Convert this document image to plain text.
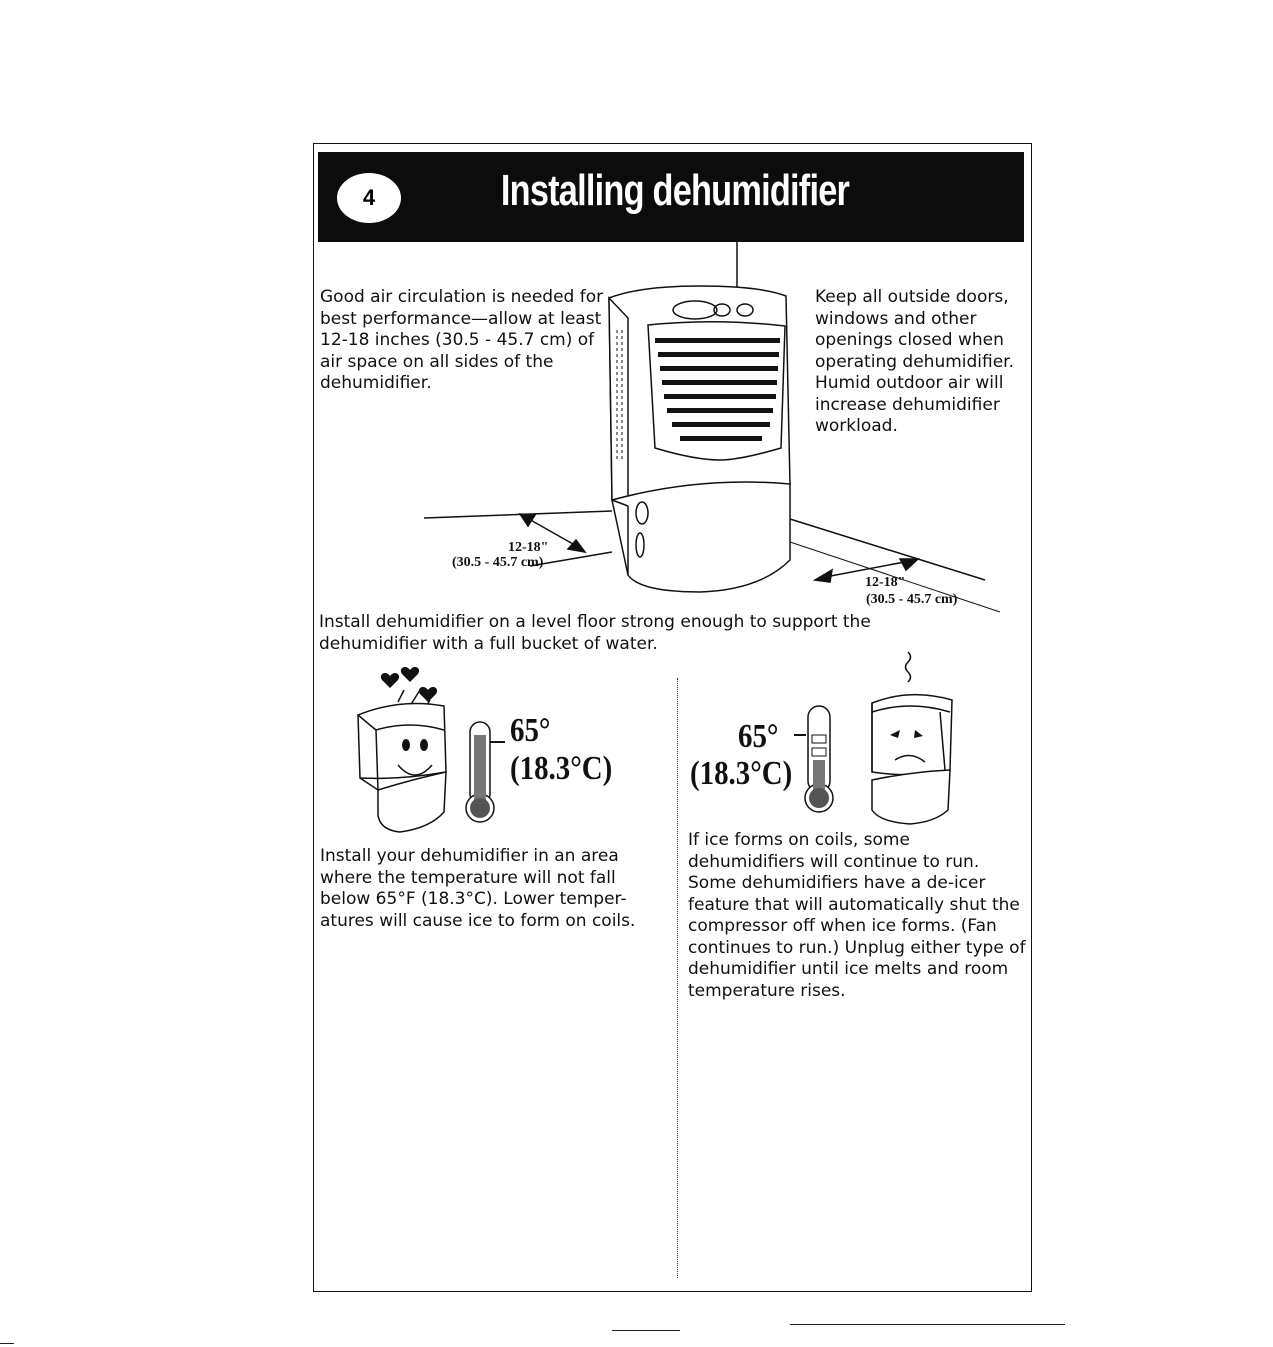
4	Installing dehumidifier
12-18"
(30.5 - 45.7 cm)
12-18"
(30.5 - 45.7 cm)
Good air circulation is needed for best performance—allow at least 12-18 inches (30.5 - 45.7 cm) of air space on all sides of the dehumidifier.
Keep all outside doors, windows and other openings closed when operating dehumidifier. Humid outdoor air will increase dehumidifier workload.
Install dehumidifier on a level floor strong enough to support the dehumidifier with a full bucket of water.
65°
(18.3°C)
65°
(18.3°C)
Install your dehumidifier in an area where the temperature will not fall below 65°F (18.3°C). Lower temper-atures will cause ice to form on coils.
If ice forms on coils, some dehumidifiers will continue to run. Some dehumidifiers have a de-icer feature that will automatically shut the compressor off when ice forms. (Fan continues to run.) Unplug either type of dehumidifier until ice melts and room temperature rises.
